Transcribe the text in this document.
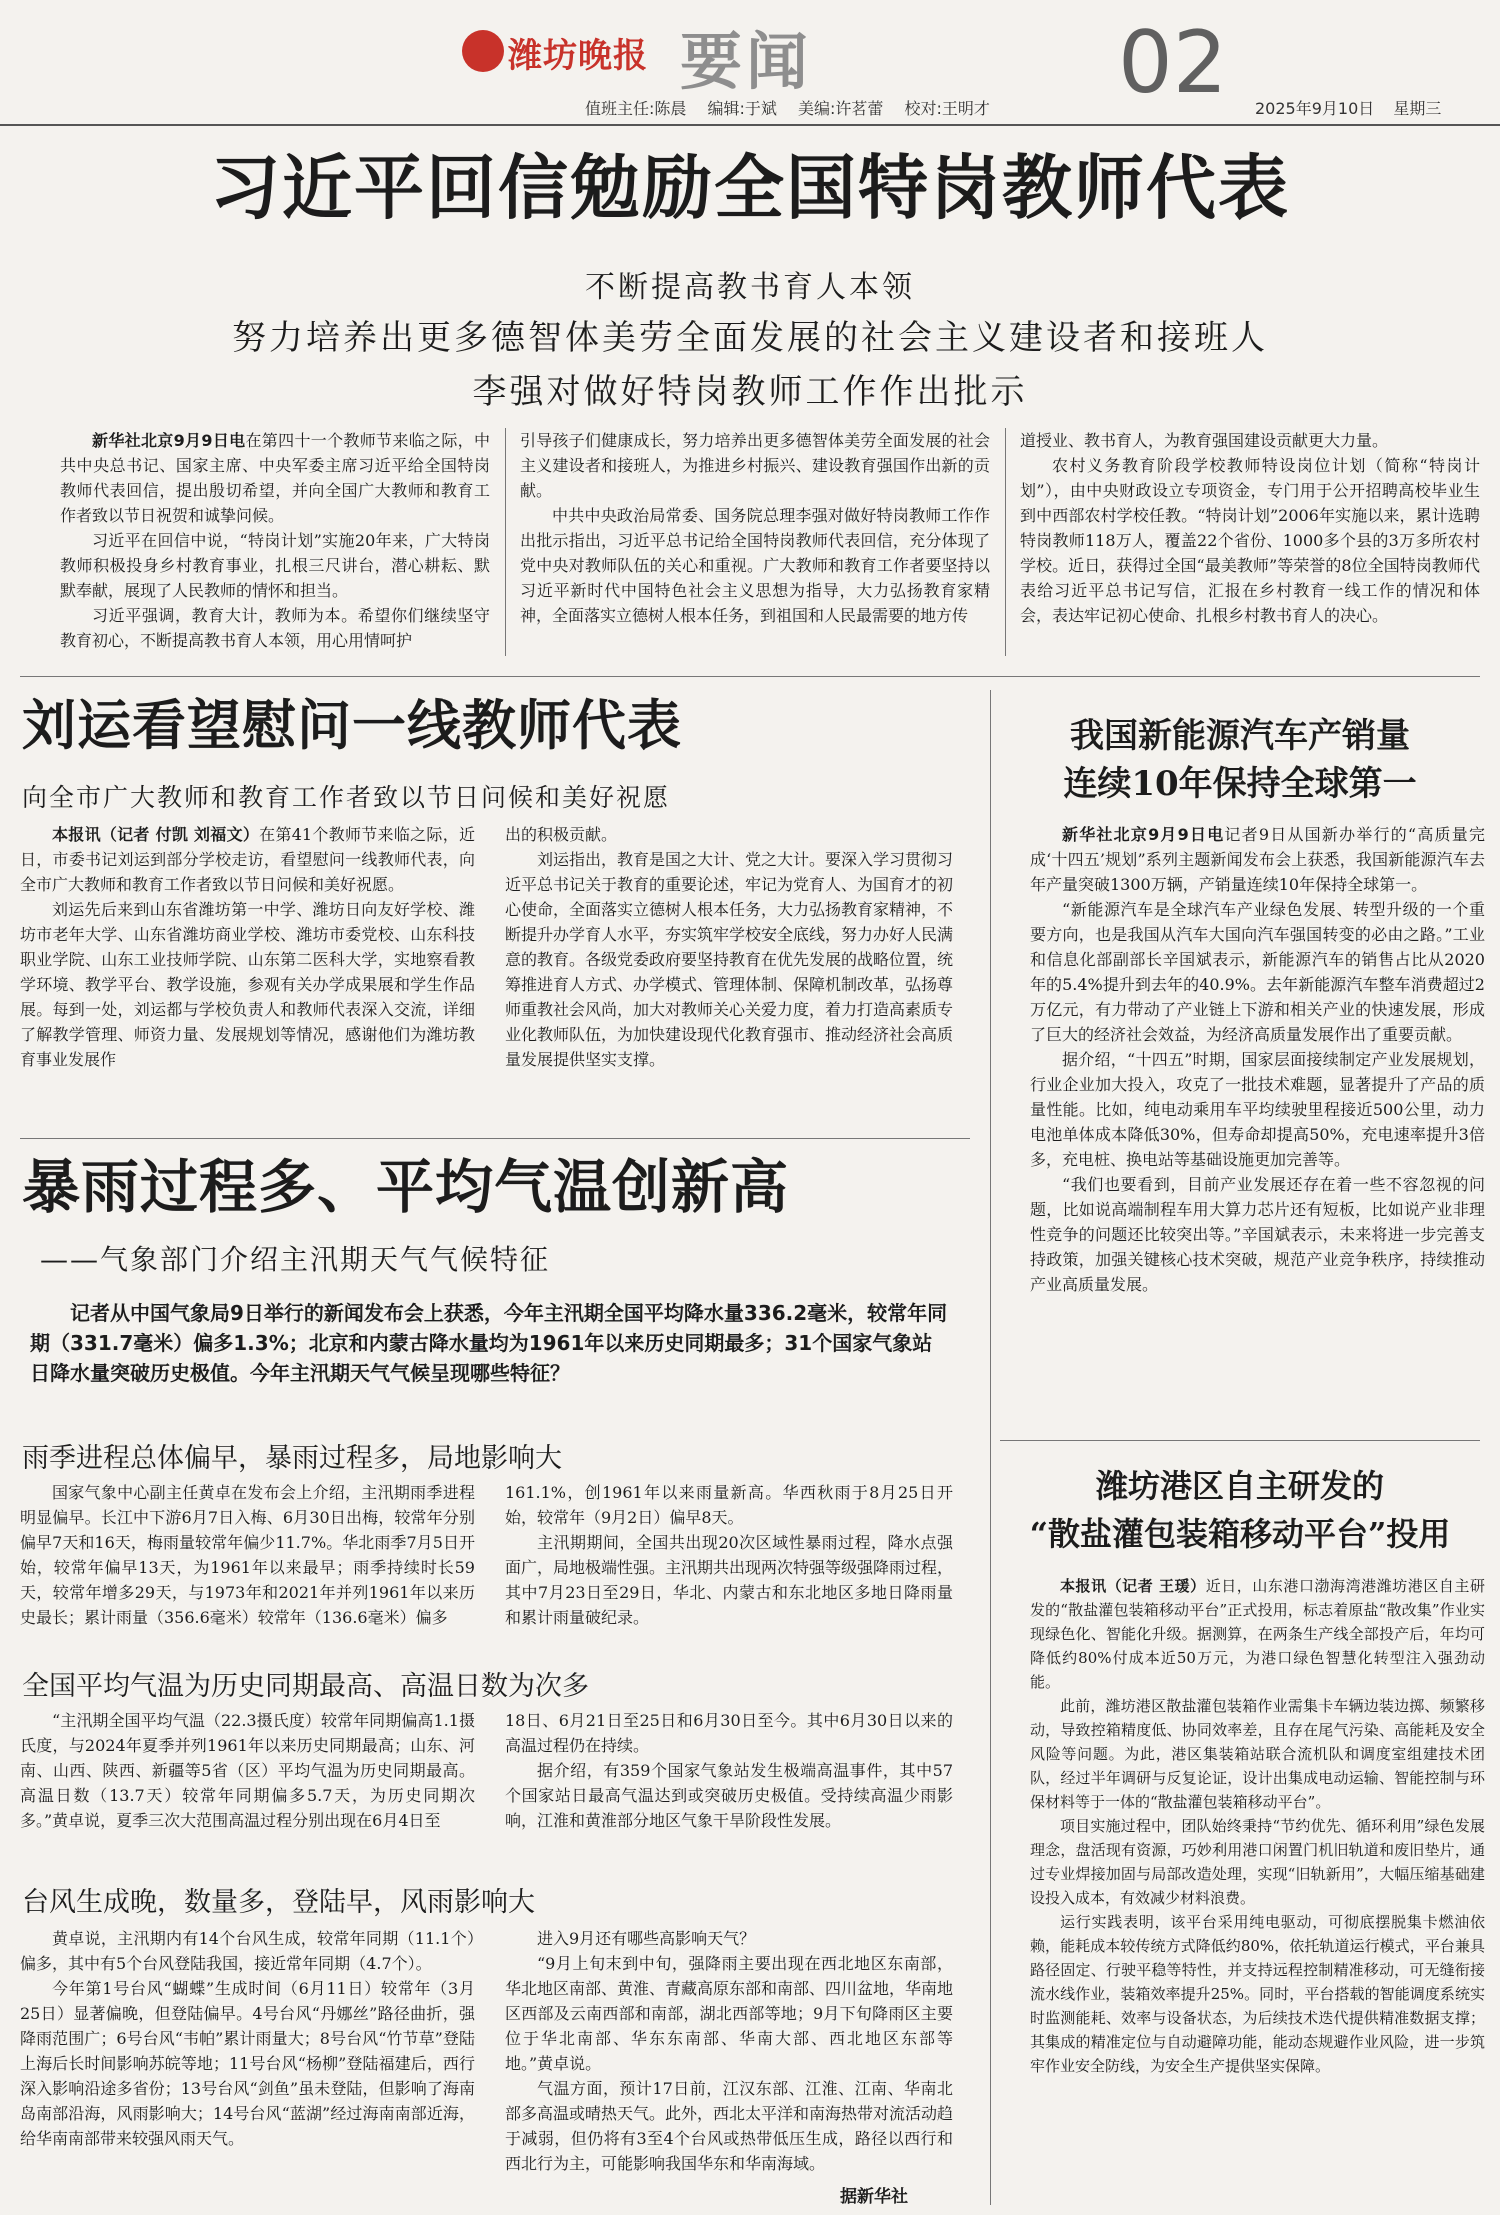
潍坊晚报 要闻	02
值班主任:陈晨 编辑:于斌 美编:许茗蕾 校对:王明才	2025年9月10日 星期三
习近平回信勉励全国特岗教师代表
不断提高教书育人本领
努力培养出更多德智体美劳全面发展的社会主义建设者和接班人
李强对做好特岗教师工作作出批示

新华社北京9月9日电在第四十一个教师节来临之际，中共中央总书记、国家主席、中央军委主席习近平给全国特岗教师代表回信，提出殷切希望，并向全国广大教师和教育工作者致以节日祝贺和诚挚问候。

习近平在回信中说，“特岗计划”实施20年来，广大特岗教师积极投身乡村教育事业，扎根三尺讲台，潜心耕耘、默默奉献，展现了人民教师的情怀和担当。

习近平强调，教育大计，教师为本。希望你们继续坚守教育初心，不断提高教书育人本领，用心用情呵护

引导孩子们健康成长，努力培养出更多德智体美劳全面发展的社会主义建设者和接班人，为推进乡村振兴、建设教育强国作出新的贡献。

中共中央政治局常委、国务院总理李强对做好特岗教师工作作出批示指出，习近平总书记给全国特岗教师代表回信，充分体现了党中央对教师队伍的关心和重视。广大教师和教育工作者要坚持以习近平新时代中国特色社会主义思想为指导，大力弘扬教育家精神，全面落实立德树人根本任务，到祖国和人民最需要的地方传

道授业、教书育人，为教育强国建设贡献更大力量。

农村义务教育阶段学校教师特设岗位计划（简称“特岗计划”），由中央财政设立专项资金，专门用于公开招聘高校毕业生到中西部农村学校任教。“特岗计划”2006年实施以来，累计选聘特岗教师118万人，覆盖22个省份、1000多个县的3万多所农村学校。近日，获得过全国“最美教师”等荣誉的8位全国特岗教师代表给习近平总书记写信，汇报在乡村教育一线工作的情况和体会，表达牢记初心使命、扎根乡村教书育人的决心。

刘运看望慰问一线教师代表
向全市广大教师和教育工作者致以节日问候和美好祝愿

本报讯（记者 付凯 刘福文）在第41个教师节来临之际，近日，市委书记刘运到部分学校走访，看望慰问一线教师代表，向全市广大教师和教育工作者致以节日问候和美好祝愿。

刘运先后来到山东省潍坊第一中学、潍坊日向友好学校、潍坊市老年大学、山东省潍坊商业学校、潍坊市委党校、山东科技职业学院、山东工业技师学院、山东第二医科大学，实地察看教学环境、教学平台、教学设施，参观有关办学成果展和学生作品展。每到一处，刘运都与学校负责人和教师代表深入交流，详细了解教学管理、师资力量、发展规划等情况，感谢他们为潍坊教育事业发展作

出的积极贡献。

刘运指出，教育是国之大计、党之大计。要深入学习贯彻习近平总书记关于教育的重要论述，牢记为党育人、为国育才的初心使命，全面落实立德树人根本任务，大力弘扬教育家精神，不断提升办学育人水平，夯实筑牢学校安全底线，努力办好人民满意的教育。各级党委政府要坚持教育在优先发展的战略位置，统筹推进育人方式、办学模式、管理体制、保障机制改革，弘扬尊师重教社会风尚，加大对教师关心关爱力度，着力打造高素质专业化教师队伍，为加快建设现代化教育强市、推动经济社会高质量发展提供坚实支撑。

暴雨过程多、平均气温创新高
——气象部门介绍主汛期天气气候特征
记者从中国气象局9日举行的新闻发布会上获悉，今年主汛期全国平均降水量336.2毫米，较常年同期（331.7毫米）偏多1.3%；北京和内蒙古降水量均为1961年以来历史同期最多；31个国家气象站日降水量突破历史极值。今年主汛期天气气候呈现哪些特征？
雨季进程总体偏早，暴雨过程多，局地影响大

国家气象中心副主任黄卓在发布会上介绍，主汛期雨季进程明显偏早。长江中下游6月7日入梅、6月30日出梅，较常年分别偏早7天和16天，梅雨量较常年偏少11.7%。华北雨季7月5日开始，较常年偏早13天，为1961年以来最早；雨季持续时长59天，较常年增多29天，与1973年和2021年并列1961年以来历史最长；累计雨量（356.6毫米）较常年（136.6毫米）偏多

161.1%，创1961年以来雨量新高。华西秋雨于8月25日开始，较常年（9月2日）偏早8天。

主汛期期间，全国共出现20次区域性暴雨过程，降水点强面广，局地极端性强。主汛期共出现两次特强等级强降雨过程，其中7月23日至29日，华北、内蒙古和东北地区多地日降雨量和累计雨量破纪录。

全国平均气温为历史同期最高、高温日数为次多

“主汛期全国平均气温（22.3摄氏度）较常年同期偏高1.1摄氏度，与2024年夏季并列1961年以来历史同期最高；山东、河南、山西、陕西、新疆等5省（区）平均气温为历史同期最高。高温日数（13.7天）较常年同期偏多5.7天，为历史同期次多。”黄卓说，夏季三次大范围高温过程分别出现在6月4日至

18日、6月21日至25日和6月30日至今。其中6月30日以来的高温过程仍在持续。

据介绍，有359个国家气象站发生极端高温事件，其中57个国家站日最高气温达到或突破历史极值。受持续高温少雨影响，江淮和黄淮部分地区气象干旱阶段性发展。

台风生成晚，数量多，登陆早，风雨影响大

黄卓说，主汛期内有14个台风生成，较常年同期（11.1个）偏多，其中有5个台风登陆我国，接近常年同期（4.7个）。

今年第1号台风“蝴蝶”生成时间（6月11日）较常年（3月25日）显著偏晚，但登陆偏早。4号台风“丹娜丝”路径曲折，强降雨范围广；6号台风“韦帕”累计雨量大；8号台风“竹节草”登陆上海后长时间影响苏皖等地；11号台风“杨柳”登陆福建后，西行深入影响沿途多省份；13号台风“剑鱼”虽未登陆，但影响了海南岛南部沿海，风雨影响大；14号台风“蓝湖”经过海南南部近海，给华南南部带来较强风雨天气。

进入9月还有哪些高影响天气？

“9月上旬末到中旬，强降雨主要出现在西北地区东南部，华北地区南部、黄淮、青藏高原东部和南部、四川盆地，华南地区西部及云南西部和南部，湖北西部等地；9月下旬降雨区主要位于华北南部、华东东南部、华南大部、西北地区东部等地。”黄卓说。

气温方面，预计17日前，江汉东部、江淮、江南、华南北部多高温或晴热天气。此外，西北太平洋和南海热带对流活动趋于减弱，但仍将有3至4个台风或热带低压生成，路径以西行和西北行为主，可能影响我国华东和华南海域。

据新华社
我国新能源汽车产销量
连续10年保持全球第一

新华社北京9月9日电记者9日从国新办举行的“高质量完成‘十四五’规划”系列主题新闻发布会上获悉，我国新能源汽车去年产量突破1300万辆，产销量连续10年保持全球第一。

“新能源汽车是全球汽车产业绿色发展、转型升级的一个重要方向，也是我国从汽车大国向汽车强国转变的必由之路。”工业和信息化部副部长辛国斌表示，新能源汽车的销售占比从2020年的5.4%提升到去年的40.9%。去年新能源汽车整车消费超过2万亿元，有力带动了产业链上下游和相关产业的快速发展，形成了巨大的经济社会效益，为经济高质量发展作出了重要贡献。

据介绍，“十四五”时期，国家层面接续制定产业发展规划，行业企业加大投入，攻克了一批技术难题，显著提升了产品的质量性能。比如，纯电动乘用车平均续驶里程接近500公里，动力电池单体成本降低30%，但寿命却提高50%，充电速率提升3倍多，充电桩、换电站等基础设施更加完善等。

“我们也要看到，目前产业发展还存在着一些不容忽视的问题，比如说高端制程车用大算力芯片还有短板，比如说产业非理性竞争的问题还比较突出等。”辛国斌表示，未来将进一步完善支持政策，加强关键核心技术突破，规范产业竞争秩序，持续推动产业高质量发展。

潍坊港区自主研发的
“散盐灌包装箱移动平台”投用

本报讯（记者 王瑗）近日，山东港口渤海湾港潍坊港区自主研发的“散盐灌包装箱移动平台”正式投用，标志着原盐“散改集”作业实现绿色化、智能化升级。据测算，在两条生产线全部投产后，年均可降低约80%付成本近50万元，为港口绿色智慧化转型注入强劲动能。

此前，潍坊港区散盐灌包装箱作业需集卡车辆边装边掷、频繁移动，导致控箱精度低、协同效率差，且存在尾气污染、高能耗及安全风险等问题。为此，港区集装箱站联合流机队和调度室组建技术团队，经过半年调研与反复论证，设计出集成电动运输、智能控制与环保材料等于一体的“散盐灌包装箱移动平台”。

项目实施过程中，团队始终秉持“节约优先、循环利用”绿色发展理念，盘活现有资源，巧妙利用港口闲置门机旧轨道和废旧垫片，通过专业焊接加固与局部改造处理，实现“旧轨新用”，大幅压缩基础建设投入成本，有效减少材料浪费。

运行实践表明，该平台采用纯电驱动，可彻底摆脱集卡燃油依赖，能耗成本较传统方式降低约80%，依托轨道运行模式，平台兼具路径固定、行驶平稳等特性，并支持远程控制精准移动，可无缝衔接流水线作业，装箱效率提升25%。同时，平台搭载的智能调度系统实时监测能耗、效率与设备状态，为后续技术迭代提供精准数据支撑；其集成的精准定位与自动避障功能，能动态规避作业风险，进一步筑牢作业安全防线，为安全生产提供坚实保障。
